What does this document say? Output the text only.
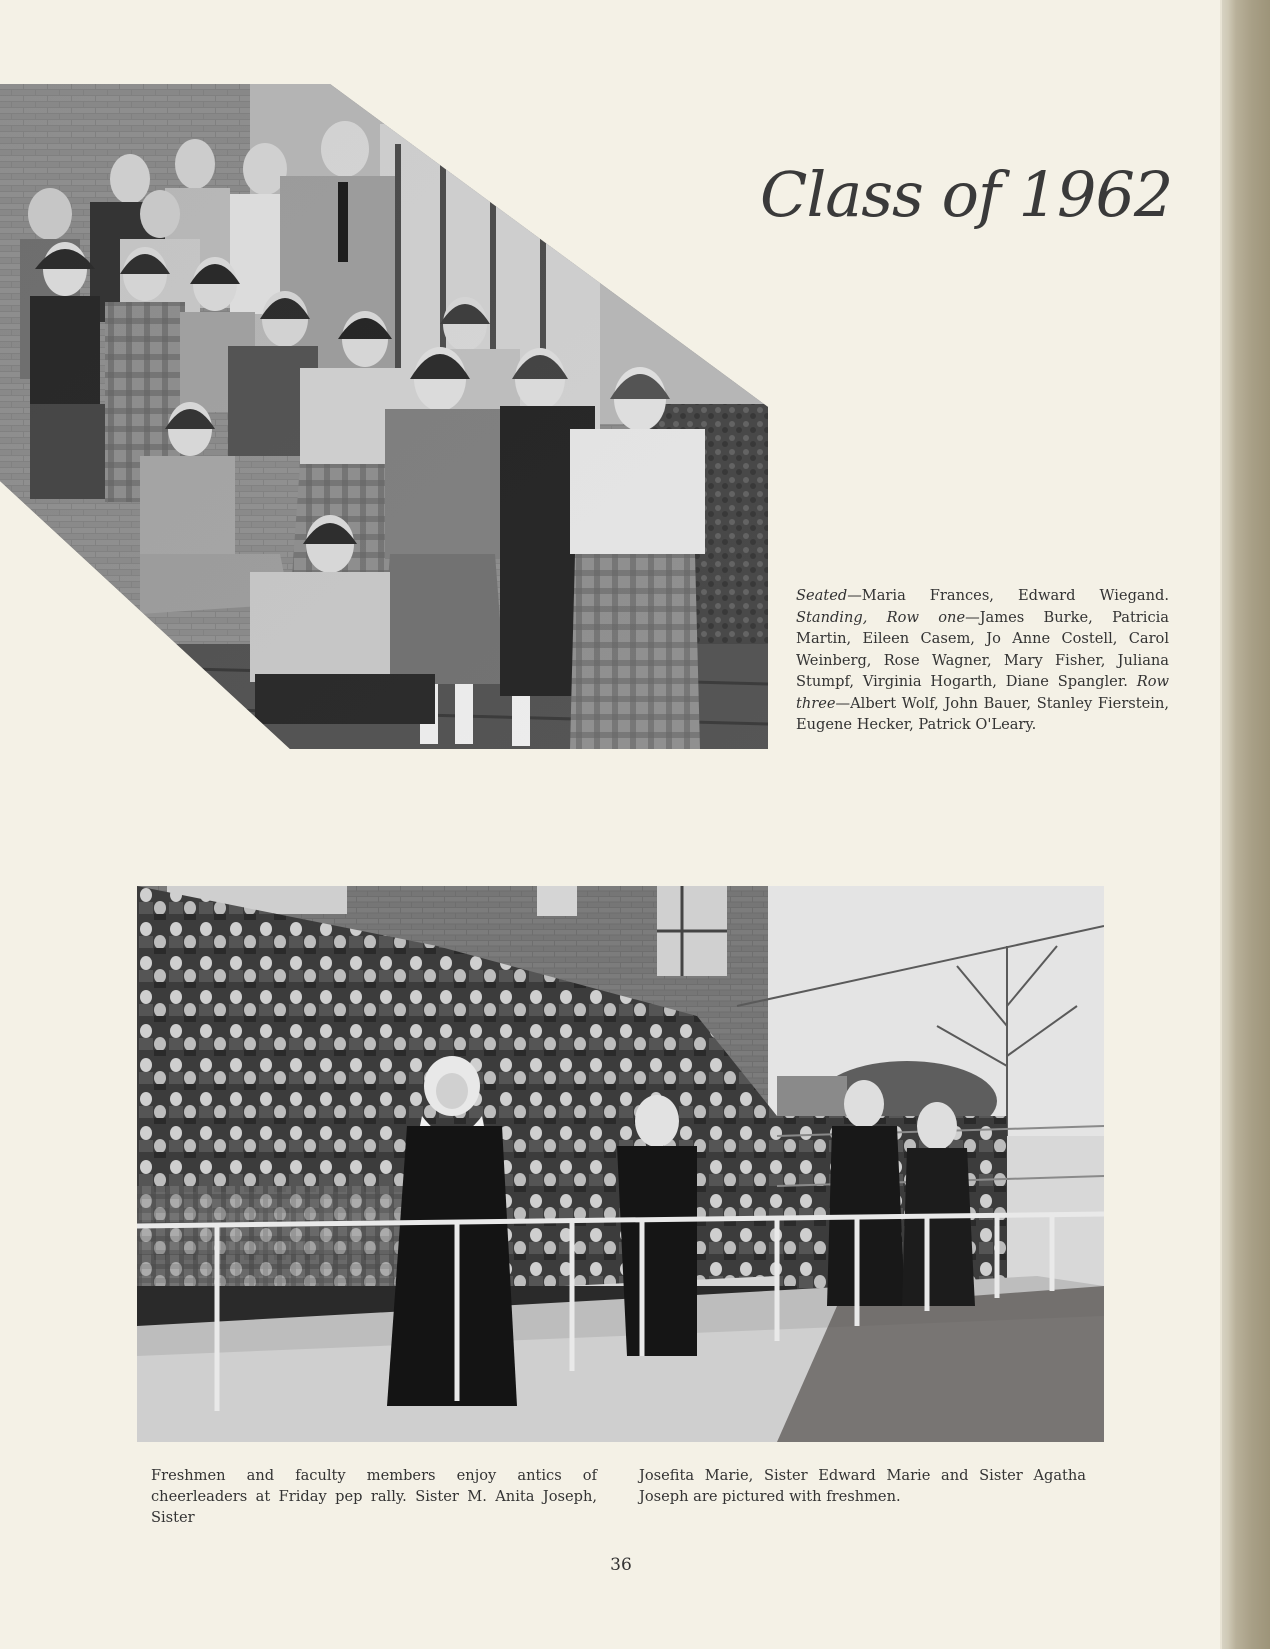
Class of 1962
Seated—Maria Frances, Edward Wiegand. Standing, Row one—James Burke, Patricia Martin, Eileen Casem, Jo Anne Costell, Carol Weinberg, Rose Wagner, Mary Fisher, Juliana Stumpf, Virginia Hogarth, Diane Spangler. Row three—Albert Wolf, John Bauer, Stanley Fierstein, Eugene Hecker, Patrick O'Leary.
Freshmen and faculty members enjoy antics of cheerleaders at Friday pep rally. Sister M. Anita Joseph, Sister
Josefita Marie, Sister Edward Marie and Sister Agatha Joseph are pictured with freshmen.
36
